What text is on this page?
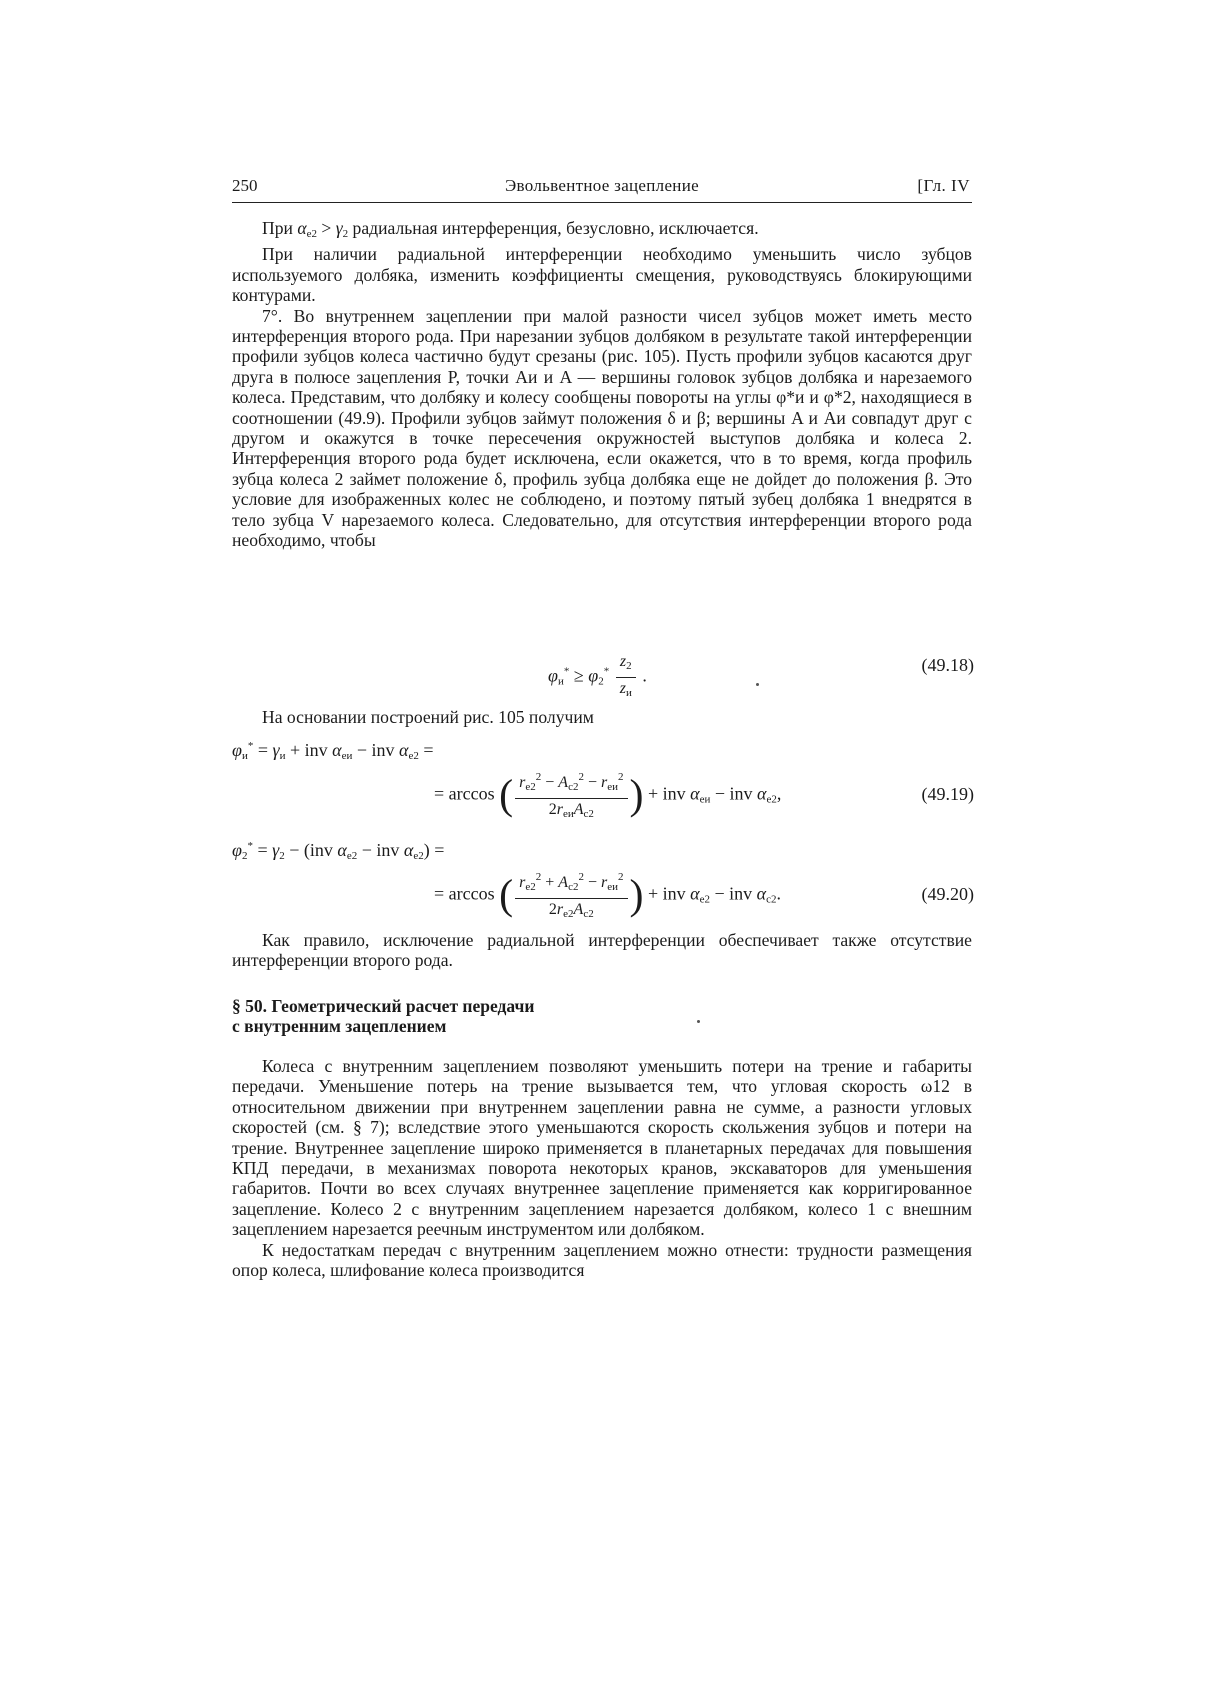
250	Эвольвентное зацепление	[Гл. IV

При $\alpha_{e2} > \gamma_2$ радиальная интерференция, безусловно, исключается.

При наличии радиальной интерференции необходимо уменьшить число зубцов используемого долбяка, изменить коэффициенты смещения, руководствуясь блокирующими контурами.

7°. Во внутреннем зацеплении при малой разности чисел зубцов может иметь место интерференция второго рода. При нарезании зубцов долбяком в результате такой интерференции профили зубцов колеса частично будут срезаны (рис. 105). Пусть профили зубцов касаются друг друга в полюсе зацепления P, точки Aи и A — вершины головок зубцов долбяка и нарезаемого колеса. Представим, что долбяку и колесу сообщены повороты на углы φ*и и φ*2, находящиеся в соотношении (49.9). Профили зубцов займут положения δ и β; вершины A и Aи совпадут друг с другом и окажутся в точке пересечения окружностей выступов долбяка и колеса 2. Интерференция второго рода будет исключена, если окажется, что в то время, когда профиль зубца колеса 2 займет положение δ, профиль зубца долбяка еще не дойдет до положения β. Это условие для изображенных колес не соблюдено, и поэтому пятый зубец долбяка 1 внедрятся в тело зубца V нарезаемого колеса. Следовательно, для отсутствия интерференции второго рода необходимо, чтобы

$\varphi_и^* \ge \varphi_2^* \frac{z_2}{z_и}$ .
(49.18)

На основании построений рис. 105 получим

$\varphi_и^* = \gamma_и$ + inv $\alpha_{eи}$ − inv $\alpha_{e2}$ =
= arccos ( $\frac{r_{e2}^2 - A_{c2}^2 - r_{eи}^2}{2r_{eи}A_{c2}}$ ) + inv $\alpha_{eи}$ − inv $\alpha_{e2}$,	(49.19)
$\varphi_2^* = \gamma_2 - (inv$ $\alpha_{e2}$ − inv $\alpha_{e2}$) =
= arccos ( $\frac{r_{e2}^2 + A_{c2}^2 - r_{eи}^2}{2r_{e2}A_{c2}}$ ) + inv $\alpha_{e2}$ − inv $\alpha_{c2}$.	(49.20)

Как правило, исключение радиальной интерференции обеспечивает также отсутствие интерференции второго рода.

§ 50. Геометрический расчет передачи
с внутренним зацеплением

Колеса с внутренним зацеплением позволяют уменьшить потери на трение и габариты передачи. Уменьшение потерь на трение вызывается тем, что угловая скорость ω12 в относительном движении при внутреннем зацеплении равна не сумме, а разности угловых скоростей (см. § 7); вследствие этого уменьшаются скорость скольжения зубцов и потери на трение. Внутреннее зацепление широко применяется в планетарных передачах для повышения КПД передачи, в механизмах поворота некоторых кранов, экскаваторов для уменьшения габаритов. Почти во всех случаях внутреннее зацепление применяется как корригированное зацепление. Колесо 2 с внутренним зацеплением нарезается долбяком, колесо 1 с внешним зацеплением нарезается реечным инструментом или долбяком.

К недостаткам передач с внутренним зацеплением можно отнести: трудности размещения опор колеса, шлифование колеса производится
